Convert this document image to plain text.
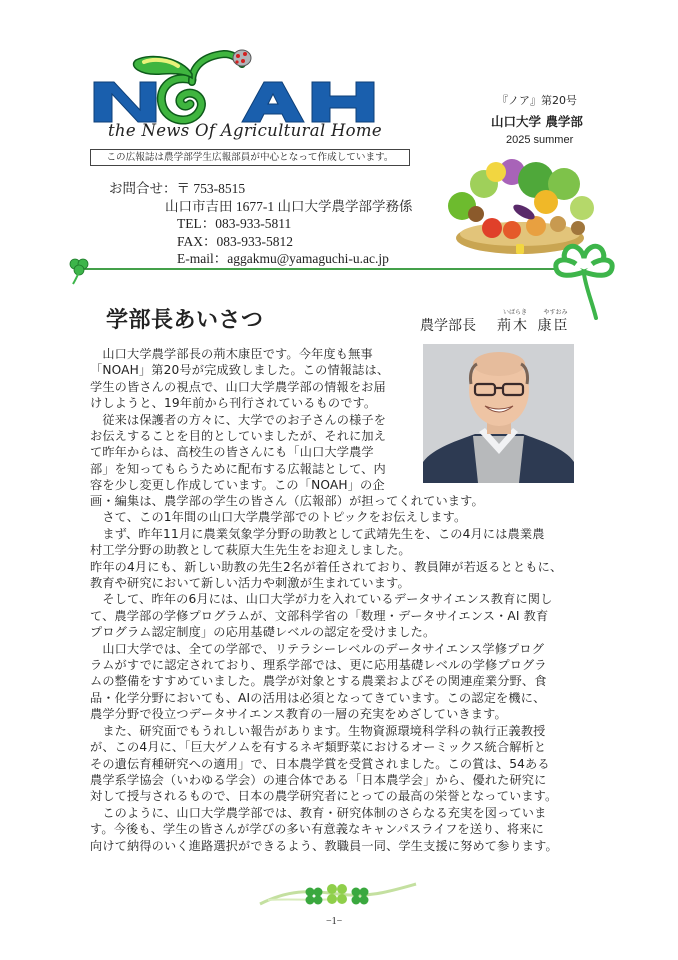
the News Of Agricultural Home
この広報誌は農学部学生広報部員が中心となって作成しています。
『ノア』第20号
山口大学 農学部
2025 summer
お問合せ：〒 753-8515
山口市吉田 1677-1 山口大学農学部学務係
TEL：083-933-5811
FAX：083-933-5812
E-mail：aggakmu@yamaguchi-u.ac.jp
学部長あいさつ	農学部長
いばらき
荊木
やすおみ
康臣
　山口大学農学部長の荊木康臣です。今年度も無事
「NOAH」第20号が完成致しました。この情報誌は、
学生の皆さんの視点で、山口大学農学部の情報をお届
けしようと、19年前から刊行されているものです。
　従来は保護者の方々に、大学でのお子さんの様子を
お伝えすることを目的としていましたが、それに加え
て昨年からは、高校生の皆さんにも「山口大学農学
部」を知ってもらうために配布する広報誌として、内
容を少し変更し作成しています。この「NOAH」の企
画・編集は、農学部の学生の皆さん（広報部）が担ってくれています。
　さて、この1年間の山口大学農学部でのトピックをお伝えします。
　まず、昨年11月に農業気象学分野の助教として武靖先生を、この4月には農業農
村工学分野の助教として萩原大生先生をお迎えしました。
昨年の4月にも、新しい助教の先生2名が着任されており、教員陣が若返るとともに、
教育や研究において新しい活力や刺激が生まれています。
　そして、昨年の6月には、山口大学が力を入れているデータサイエンス教育に関し
て、農学部の学修プログラムが、文部科学省の「数理・データサイエンス・AI 教育
プログラム認定制度」の応用基礎レベルの認定を受けました。
　山口大学では、全ての学部で、リテラシーレベルのデータサイエンス学修プログ
ラムがすでに認定されており、理系学部では、更に応用基礎レベルの学修プログラ
ムの整備をすすめていました。農学が対象とする農業およびその関連産業分野、食
品・化学分野においても、AIの活用は必須となってきています。この認定を機に、
農学分野で役立つデータサイエンス教育の一層の充実をめざしていきます。
　また、研究面でもうれしい報告があります。生物資源環境科学科の執行正義教授
が、この4月に、「巨大ゲノムを有するネギ類野菜におけるオーミックス統合解析と
その遺伝育種研究への適用」で、日本農学賞を受賞されました。この賞は、54ある
農学系学協会（いわゆる学会）の連合体である「日本農学会」から、優れた研究に
対して授与されるもので、日本の農学研究者にとっての最高の栄誉となっています。
　このように、山口大学農学部では、教育・研究体制のさらなる充実を図っていま
す。今後も、学生の皆さんが学びの多い有意義なキャンパスライフを送り、将来に
向けて納得のいく進路選択ができるよう、教職員一同、学生支援に努めて参ります。
−1−
